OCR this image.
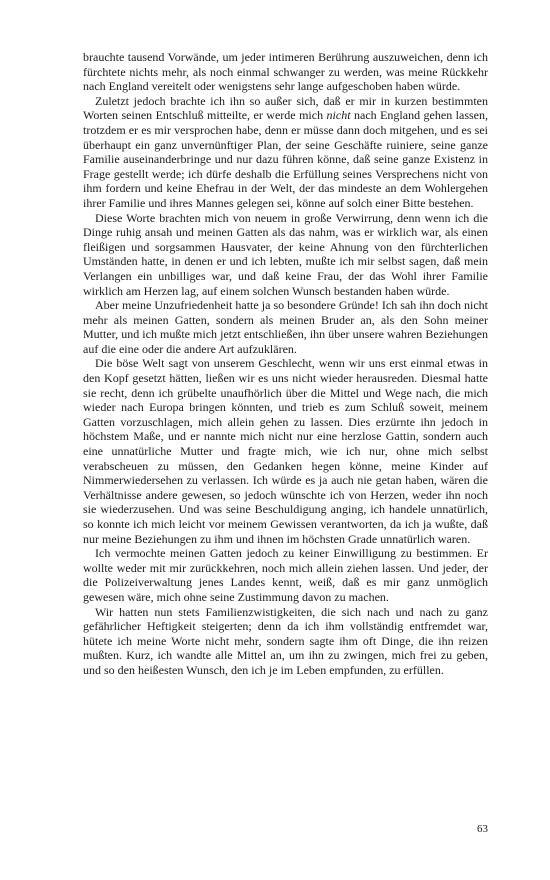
brauchte tausend Vorwände, um jeder intimeren Berührung auszuweichen, denn ich fürchtete nichts mehr, als noch einmal schwanger zu werden, was meine Rückkehr nach England vereitelt oder wenigstens sehr lange aufgeschoben haben würde.

Zuletzt jedoch brachte ich ihn so außer sich, daß er mir in kurzen bestimmten Worten seinen Entschluß mitteilte, er werde mich nicht nach England gehen lassen, trotzdem er es mir versprochen habe, denn er müsse dann doch mitgehen, und es sei überhaupt ein ganz unvernünftiger Plan, der seine Geschäfte ruiniere, seine ganze Familie auseinanderbringe und nur dazu führen könne, daß seine ganze Existenz in Frage gestellt werde; ich dürfe deshalb die Erfüllung seines Versprechens nicht von ihm fordern und keine Ehefrau in der Welt, der das mindeste an dem Wohlergehen ihrer Familie und ihres Mannes gelegen sei, könne auf solch einer Bitte bestehen.

Diese Worte brachten mich von neuem in große Verwirrung, denn wenn ich die Dinge ruhig ansah und meinen Gatten als das nahm, was er wirklich war, als einen fleißigen und sorgsammen Hausvater, der keine Ahnung von den fürchterlichen Umständen hatte, in denen er und ich lebten, mußte ich mir selbst sagen, daß mein Verlangen ein unbilliges war, und daß keine Frau, der das Wohl ihrer Familie wirklich am Herzen lag, auf einem solchen Wunsch bestanden haben würde.

Aber meine Unzufriedenheit hatte ja so besondere Gründe! Ich sah ihn doch nicht mehr als meinen Gatten, sondern als meinen Bruder an, als den Sohn meiner Mutter, und ich mußte mich jetzt entschließen, ihn über unsere wahren Beziehungen auf die eine oder die andere Art aufzuklären.

Die böse Welt sagt von unserem Geschlecht, wenn wir uns erst einmal etwas in den Kopf gesetzt hätten, ließen wir es uns nicht wieder herausreden. Diesmal hatte sie recht, denn ich grübelte unaufhörlich über die Mittel und Wege nach, die mich wieder nach Europa bringen könnten, und trieb es zum Schluß soweit, meinem Gatten vorzuschlagen, mich allein gehen zu lassen. Dies erzürnte ihn jedoch in höchstem Maße, und er nannte mich nicht nur eine herzlose Gattin, sondern auch eine unnatürliche Mutter und fragte mich, wie ich nur, ohne mich selbst verabscheuen zu müssen, den Gedanken hegen könne, meine Kinder auf Nimmerwiedersehen zu verlassen. Ich würde es ja auch nie getan haben, wären die Verhältnisse andere gewesen, so jedoch wünschte ich von Herzen, weder ihn noch sie wiederzusehen. Und was seine Beschuldigung anging, ich handele unnatürlich, so konnte ich mich leicht vor meinem Gewissen verantworten, da ich ja wußte, daß nur meine Beziehungen zu ihm und ihnen im höchsten Grade unnatürlich waren.

Ich vermochte meinen Gatten jedoch zu keiner Einwilligung zu bestimmen. Er wollte weder mit mir zurückkehren, noch mich allein ziehen lassen. Und jeder, der die Polizeiverwaltung jenes Landes kennt, weiß, daß es mir ganz unmöglich gewesen wäre, mich ohne seine Zustimmung davon zu machen.

Wir hatten nun stets Familienzwistigkeiten, die sich nach und nach zu ganz gefährlicher Heftigkeit steigerten; denn da ich ihm vollständig entfremdet war, hütete ich meine Worte nicht mehr, sondern sagte ihm oft Dinge, die ihn reizen mußten. Kurz, ich wandte alle Mittel an, um ihn zu zwingen, mich frei zu geben, und so den heißesten Wunsch, den ich je im Leben empfunden, zu erfüllen.

63
